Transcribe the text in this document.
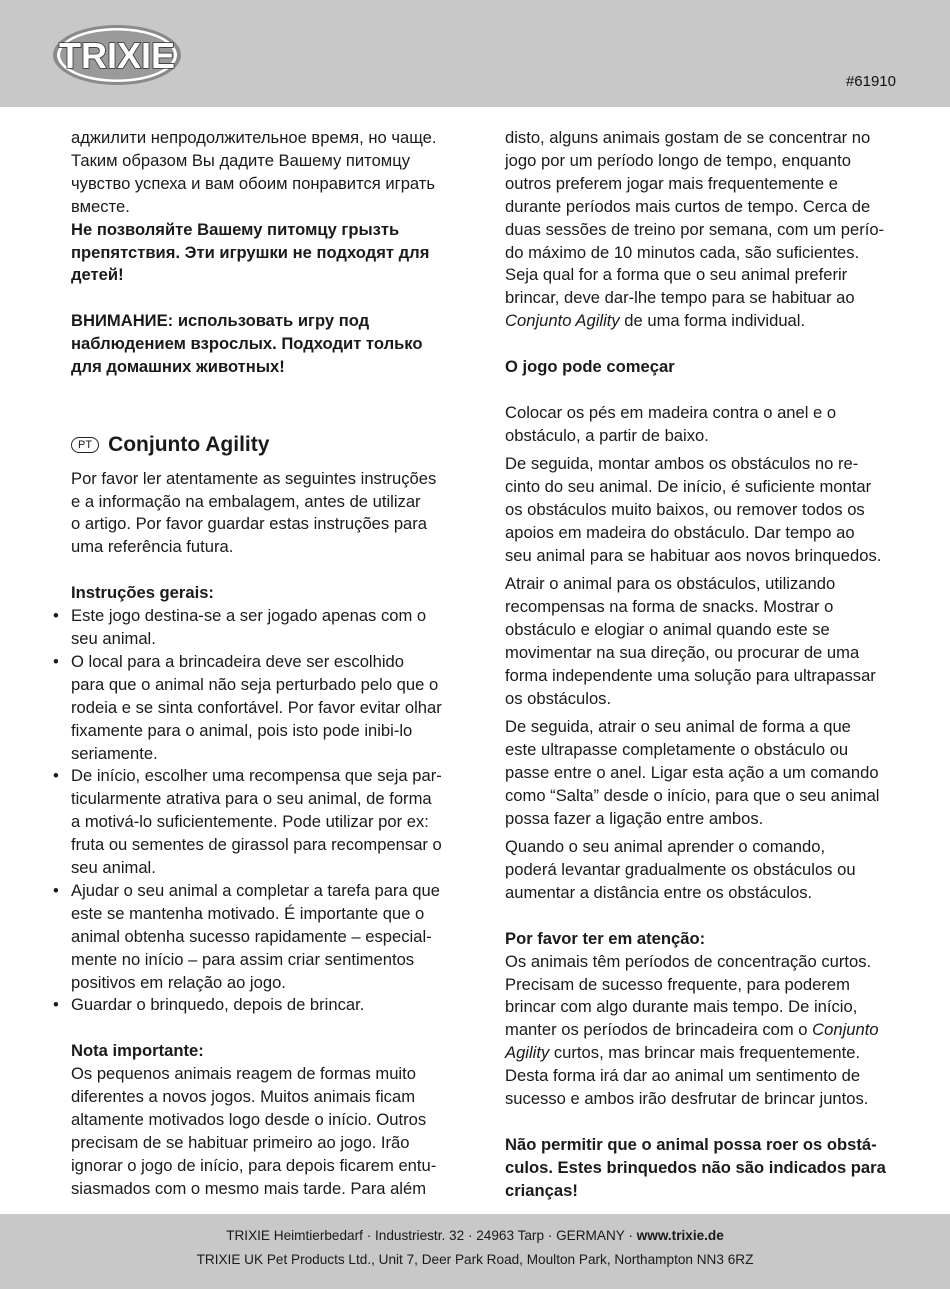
TRIXIE
#61910

аджилити непродолжительное время, но чаще.

Таким образом Вы дадите Вашему питомцу

чувство успеха и вам обоим понравится играть

вместе.

Не позволяйте Вашему питомцу грызть

препятствия. Эти игрушки не подходят для

детей!

ВНИМАНИЕ: использовать игру под

наблюдением взрослых. Подходит только

для домашних животных!

PT Conjunto Agility

Por favor ler atentamente as seguintes instruções

e a informação na embalagem, antes de utilizar

o artigo. Por favor guardar estas instruções para

uma referência futura.

Instruções gerais:

• Este jogo destina-se a ser jogado apenas com o

seu animal.

• O local para a brincadeira deve ser escolhido

para que o animal não seja perturbado pelo que o

rodeia e se sinta confortável. Por favor evitar olhar

fixamente para o animal, pois isto pode inibi-lo

seriamente.

• De início, escolher uma recompensa que seja par-

ticularmente atrativa para o seu animal, de forma

a motivá-lo suficientemente. Pode utilizar por ex:

fruta ou sementes de girassol para recompensar o

seu animal.

• Ajudar o seu animal a completar a tarefa para que

este se mantenha motivado. É importante que o

animal obtenha sucesso rapidamente – especial-

mente no início – para assim criar sentimentos

positivos em relação ao jogo.

• Guardar o brinquedo, depois de brincar.

Nota importante:

Os pequenos animais reagem de formas muito

diferentes a novos jogos. Muitos animais ficam

altamente motivados logo desde o início. Outros

precisam de se habituar primeiro ao jogo. Irão

ignorar o jogo de início, para depois ficarem entu-

siasmados com o mesmo mais tarde. Para além

disto, alguns animais gostam de se concentrar no

jogo por um período longo de tempo, enquanto

outros preferem jogar mais frequentemente e

durante períodos mais curtos de tempo. Cerca de

duas sessões de treino por semana, com um perío-

do máximo de 10 minutos cada, são suficientes.

Seja qual for a forma que o seu animal preferir

brincar, deve dar-lhe tempo para se habituar ao

Conjunto Agility de uma forma individual.

O jogo pode começar

Colocar os pés em madeira contra o anel e o

obstáculo, a partir de baixo.

De seguida, montar ambos os obstáculos no re-

cinto do seu animal. De início, é suficiente montar

os obstáculos muito baixos, ou remover todos os

apoios em madeira do obstáculo. Dar tempo ao

seu animal para se habituar aos novos brinquedos.

Atrair o animal para os obstáculos, utilizando

recompensas na forma de snacks. Mostrar o

obstáculo e elogiar o animal quando este se

movimentar na sua direção, ou procurar de uma

forma independente uma solução para ultrapassar

os obstáculos.

De seguida, atrair o seu animal de forma a que

este ultrapasse completamente o obstáculo ou

passe entre o anel. Ligar esta ação a um comando

como “Salta” desde o início, para que o seu animal

possa fazer a ligação entre ambos.

Quando o seu animal aprender o comando,

poderá levantar gradualmente os obstáculos ou

aumentar a distância entre os obstáculos.

Por favor ter em atenção:

Os animais têm períodos de concentração curtos.

Precisam de sucesso frequente, para poderem

brincar com algo durante mais tempo. De início,

manter os períodos de brincadeira com o Conjunto

Agility curtos, mas brincar mais frequentemente.

Desta forma irá dar ao animal um sentimento de

sucesso e ambos irão desfrutar de brincar juntos.

Não permitir que o animal possa roer os obstá-

culos. Estes brinquedos não são indicados para

crianças!

TRIXIE Heimtierbedarf · Industriestr. 32 · 24963 Tarp · GERMANY · www.trixie.de
TRIXIE UK Pet Products Ltd., Unit 7, Deer Park Road, Moulton Park, Northampton NN3 6RZ
